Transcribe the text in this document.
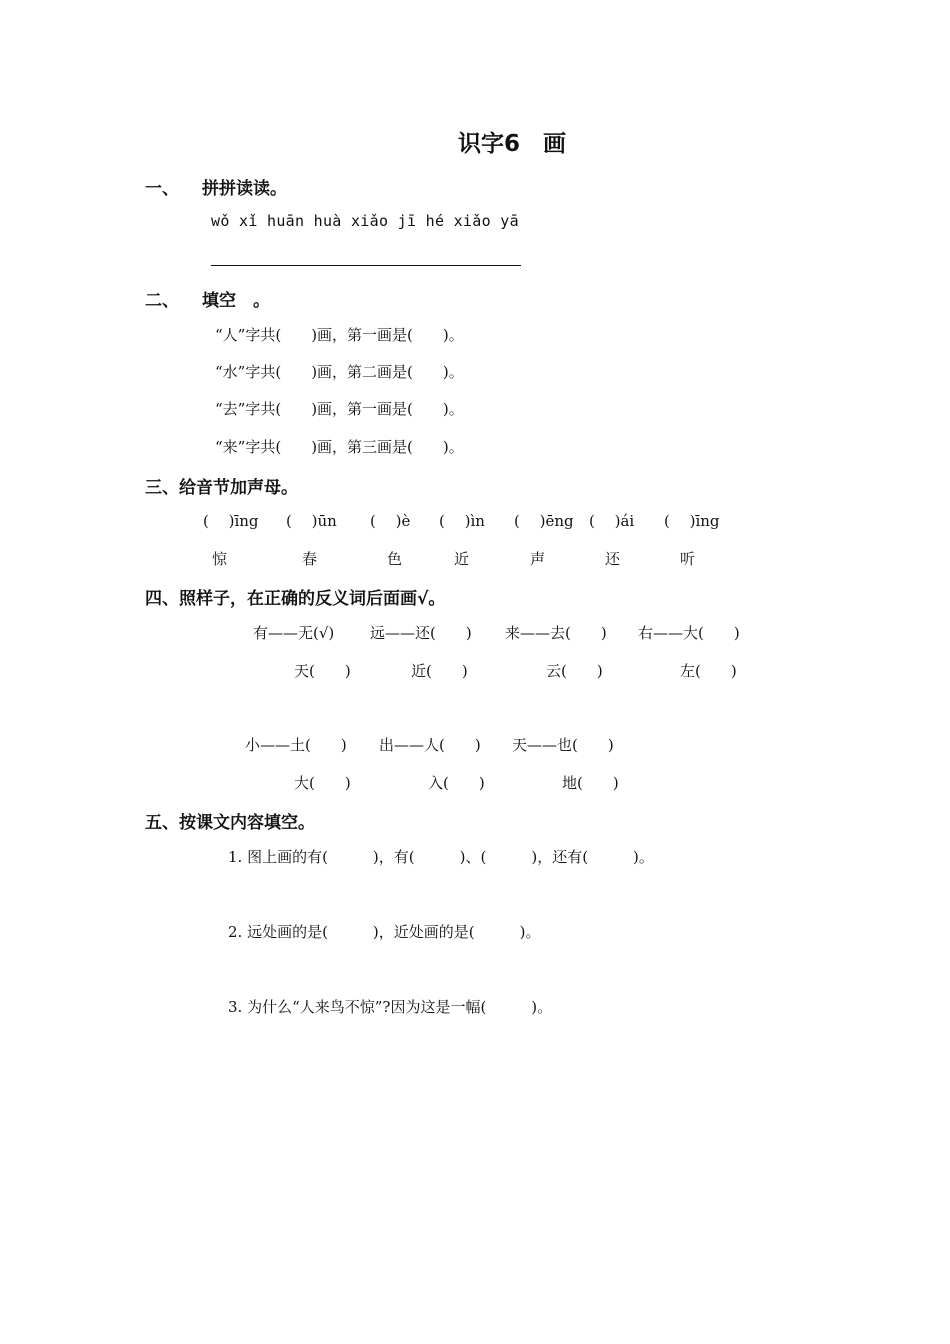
识字6　画
一、 拼拼读读。
wǒ xǐ huān huà xiǎo jī hé xiǎo yā
二、 填空　。
“人”字共(　　)画，第一画是(　　)。
“水”字共(　　)画，第二画是(　　)。
“去”字共(　　)画，第一画是(　　)。
“来”字共(　　)画，第三画是(　　)。
三、给音节加声母。
(　 )īng (　 )ūn (　 )è (　 )ìn (　 )ēng (　 )ái (　 )īng
惊	春	色	近	声	还	听
四、照样子，在正确的反义词后面画√。
有——无(√) 远——还(　　) 来——去(　　) 右——大(　　)
天(　　)	近(　　)	云(　　)	左(　　)
小——土(　　) 出——人(　　) 天——也(　　)
大(　　)	入(　　)	地(　　)
五、按课文内容填空。
1. 图上画的有(　　　)，有(　　　)、(　　　)，还有(　　　)。
2. 远处画的是(　　　)，近处画的是(　　　)。
3. 为什么“人来鸟不惊”?因为这是一幅(　　　)。
